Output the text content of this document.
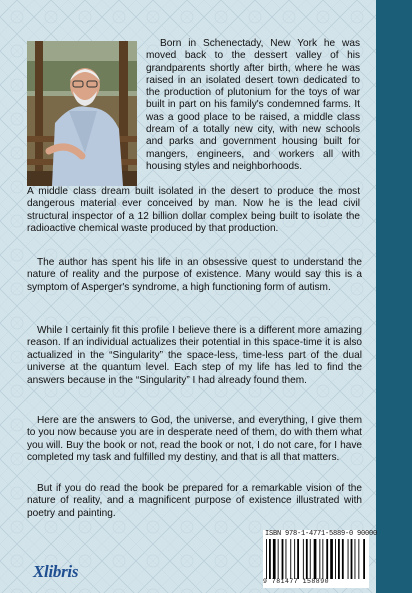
Born in Schenectady, New York he was moved back to the dessert valley of his grandparents shortly after birth, where he was raised in an isolated desert town dedicated to the production of plutonium for the toys of war built in part on his family's condemned farms. It was a good place to be raised, a middle class dream of a totally new city, with new schools and parks and government housing built for mangers, engineers, and workers all with housing styles and neighborhoods.

A middle class dream built isolated in the desert to produce the most dangerous material ever conceived by man. Now he is the lead civil structural inspector of a 12 billion dollar complex being built to isolate the radioactive chemical waste produced by that production.

The author has spent his life in an obsessive quest to understand the nature of reality and the purpose of existence. Many would say this is a symptom of Asperger's syndrome, a high functioning form of autism.

While I certainly fit this profile I believe there is a different more amazing reason. If an individual actualizes their potential in this space-time it is also actualized in the “Singularity” the space-less, time-less part of the dual universe at the quantum level. Each step of my life has led to find the answers because in the “Singularity” I had already found them.

Here are the answers to God, the universe, and everything, I give them to you now because you are in desperate need of them, do with them what you will. Buy the book or not, read the book or not, I do not care, for I have completed my task and fulfilled my destiny, and that is all that matters.

But if you do read the book be prepared for a remarkable vision of the nature of reality, and a magnificent purpose of existence illustrated with poetry and painting.

Xlibris
ISBN 978-1-4771-5889-0 90000
9 781477 158890
